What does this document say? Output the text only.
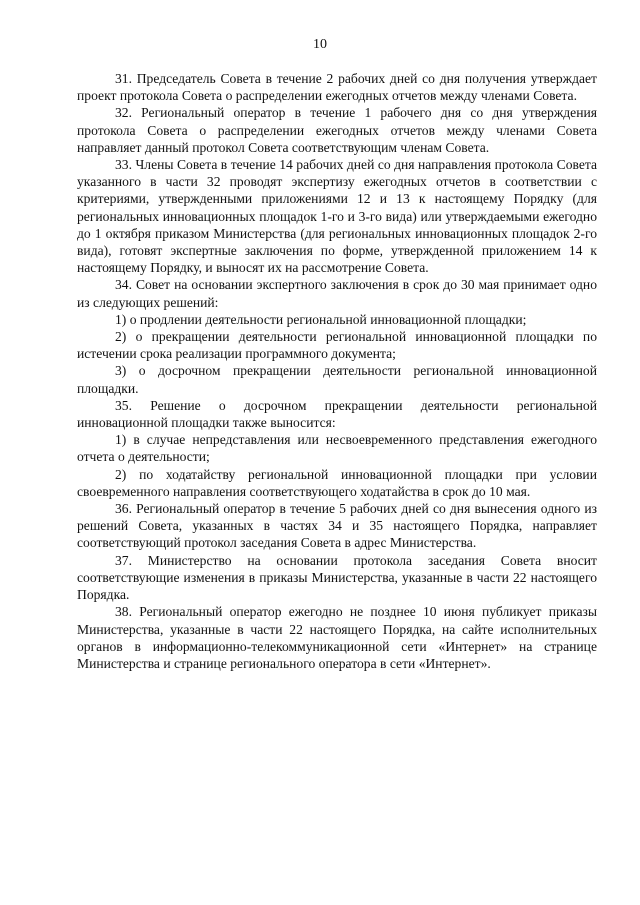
10

31. Председатель Совета в течение 2 рабочих дней со дня получения утверждает проект протокола Совета о распределении ежегодных отчетов между членами Совета.

32. Региональный оператор в течение 1 рабочего дня со дня утверждения протокола Совета о распределении ежегодных отчетов между членами Совета направляет данный протокол Совета соответствующим членам Совета.

33. Члены Совета в течение 14 рабочих дней со дня направления протокола Совета указанного в части 32 проводят экспертизу ежегодных отчетов в соответствии с критериями, утвержденными приложениями 12 и 13 к настоящему Порядку (для региональных инновационных площадок 1-го и 3-го вида) или утверждаемыми ежегодно до 1 октября приказом Министерства (для региональных инновационных площадок 2-го вида), готовят экспертные заключения по форме, утвержденной приложением 14 к настоящему Порядку, и выносят их на рассмотрение Совета.

34. Совет на основании экспертного заключения в срок до 30 мая принимает одно из следующих решений:

1) о продлении деятельности региональной инновационной площадки;

2) о прекращении деятельности региональной инновационной площадки по истечении срока реализации программного документа;

3) о досрочном прекращении деятельности региональной инновационной площадки.

35. Решение о досрочном прекращении деятельности региональной инновационной площадки также выносится:

1) в случае непредставления или несвоевременного представления ежегодного отчета о деятельности;

2) по ходатайству региональной инновационной площадки при условии своевременного направления соответствующего ходатайства в срок до 10 мая.

36. Региональный оператор в течение 5 рабочих дней со дня вынесения одного из решений Совета, указанных в частях 34 и 35 настоящего Порядка, направляет соответствующий протокол заседания Совета в адрес Министерства.

37. Министерство на основании протокола заседания Совета вносит соответствующие изменения в приказы Министерства, указанные в части 22 настоящего Порядка.

38. Региональный оператор ежегодно не позднее 10 июня публикует приказы Министерства, указанные в части 22 настоящего Порядка, на сайте исполнительных органов в информационно-телекоммуникационной сети «Интернет» на странице Министерства и странице регионального оператора в сети «Интернет».
